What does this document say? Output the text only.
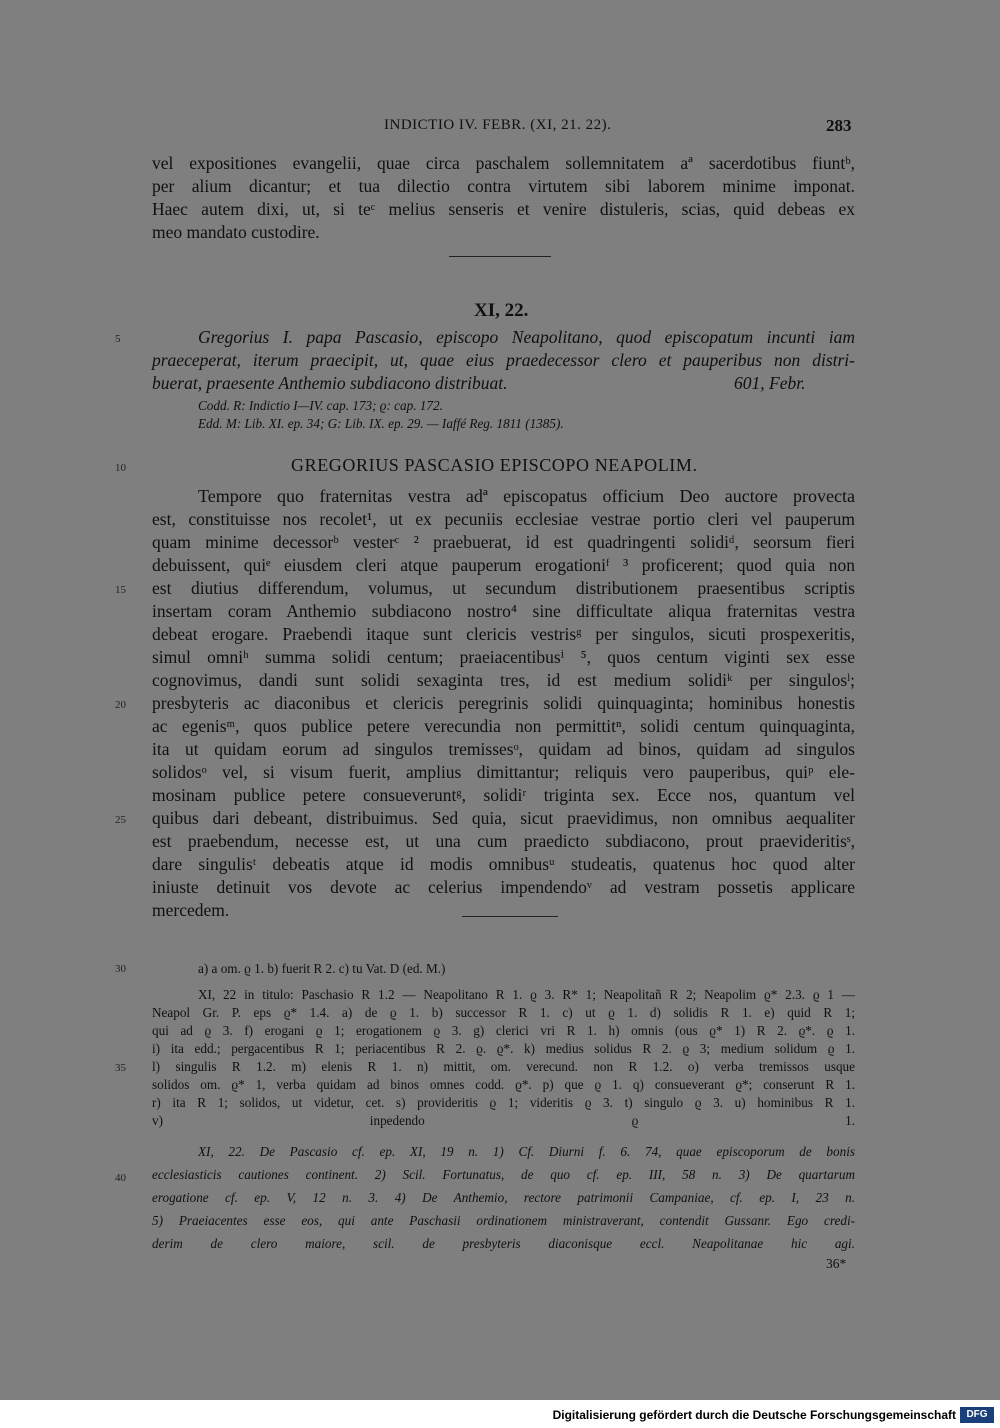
INDICTIO IV. FEBR. (XI, 21. 22).	283
vel expositiones evangelii, quae circa paschalem sollemnitatem aª sacerdotibus fiuntᵇ,
per alium dicantur; et tua dilectio contra virtutem sibi laborem minime imponat.
Haec autem dixi, ut, si teᶜ melius senseris et venire distuleris, scias, quid debeas ex
meo mandato custodire.
XI, 22.
5	Gregorius I. papa Pascasio, episcopo Neapolitano, quod episcopatum incunti iam
praeceperat, iterum praecipit, ut, quae eius praedecessor clero et pauperibus non distri-
buerat, praesente Anthemio subdiacono distribuat.	601, Febr.
Codd. R: Indictio I—IV. cap. 173; ϱ: cap. 172.
Edd. M: Lib. XI. ep. 34; G: Lib. IX. ep. 29. — Iaffé Reg. 1811 (1385).
10	GREGORIUS PASCASIO EPISCOPO NEAPOLIM.
Tempore quo fraternitas vestra adª episcopatus officium Deo auctore provecta
est, constituisse nos recolet¹, ut ex pecuniis ecclesiae vestrae portio cleri vel pauperum
quam minime decessorᵇ vesterᶜ ² praebuerat, id est quadringenti solidiᵈ, seorsum fieri
debuissent, quiᵉ eiusdem cleri atque pauperum erogationiᶠ ³ proficerent; quod quia non
15 est diutius differendum, volumus, ut secundum distributionem praesentibus scriptis
insertam coram Anthemio subdiacono nostro⁴ sine difficultate aliqua fraternitas vestra
debeat erogare. Praebendi itaque sunt clericis vestrisᵍ per singulos, sicuti prospexeritis,
simul omniʰ summa solidi centum; praeiacentibusⁱ ⁵, quos centum viginti sex esse
cognovimus, dandi sunt solidi sexaginta tres, id est medium solidiᵏ per singulosˡ;
20 presbyteris ac diaconibus et clericis peregrinis solidi quinquaginta; hominibus honestis
ac egenisᵐ, quos publice petere verecundia non permittitⁿ, solidi centum quinquaginta,
ita ut quidam eorum ad singulos tremissesᵒ, quidam ad binos, quidam ad singulos
solidosᵒ vel, si visum fuerit, amplius dimittantur; reliquis vero pauperibus, quiᵖ ele-
mosinam publice petere consueveruntᵍ, solidiʳ triginta sex. Ecce nos, quantum vel
25 quibus dari debeant, distribuimus. Sed quia, sicut praevidimus, non omnibus aequaliter
est praebendum, necesse est, ut una cum praedicto subdiacono, prout praevideritisˢ,
dare singulisᵗ debeatis atque id modis omnibusᵘ studeatis, quatenus hoc quod alter
iniuste detinuit vos devote ac celerius impendendoᵛ ad vestram possetis applicare
mercedem.
30	a) a om. ϱ 1. b) fuerit R 2. c) tu Vat. D (ed. M.)
XI, 22 in titulo: Paschasio R 1.2 — Neapolitano R 1. ϱ 3. R* 1; Neapolitañ R 2; Neapolim ϱ* 2.3. ϱ 1 —
Neapol Gr. P. eps ϱ* 1.4. a) de ϱ 1. b) successor R 1. c) ut ϱ 1. d) solidis R 1. e) quid R 1;
qui ad ϱ 3. f) erogani ϱ 1; erogationem ϱ 3. g) clerici vri R 1. h) omnis (ous ϱ* 1) R 2. ϱ*. ϱ 1.
i) ita edd.; pergacentibus R 1; periacentibus R 2. ϱ. ϱ*. k) medius solidus R 2. ϱ 3; medium solidum ϱ 1.
35 l) singulis R 1.2. m) elenis R 1. n) mittit, om. verecund. non R 1.2. o) verba tremissos usque
solidos om. ϱ* 1, verba quidam ad binos omnes codd. ϱ*. p) que ϱ 1. q) consueverant ϱ*; conserunt R 1.
r) ita R 1; solidos, ut videtur, cet. s) provideritis ϱ 1; videritis ϱ 3. t) singulo ϱ 3. u) hominibus R 1.
v) inpedendo ϱ 1.
XI, 22. De Pascasio cf. ep. XI, 19 n. 1) Cf. Diurni f. 6. 74, quae episcoporum de bonis
40 ecclesiasticis cautiones continent. 2) Scil. Fortunatus, de quo cf. ep. III, 58 n. 3) De quartarum
erogatione cf. ep. V, 12 n. 3. 4) De Anthemio, rectore patrimonii Campaniae, cf. ep. I, 23 n.
5) Praeiacentes esse eos, qui ante Paschasii ordinationem ministraverant, contendit Gussanr. Ego credi-
derim de clero maiore, scil. de presbyteris diaconisque eccl. Neapolitanae hic agi.
36*
Digitalisierung gefördert durch die Deutsche Forschungsgemeinschaft	DFG
